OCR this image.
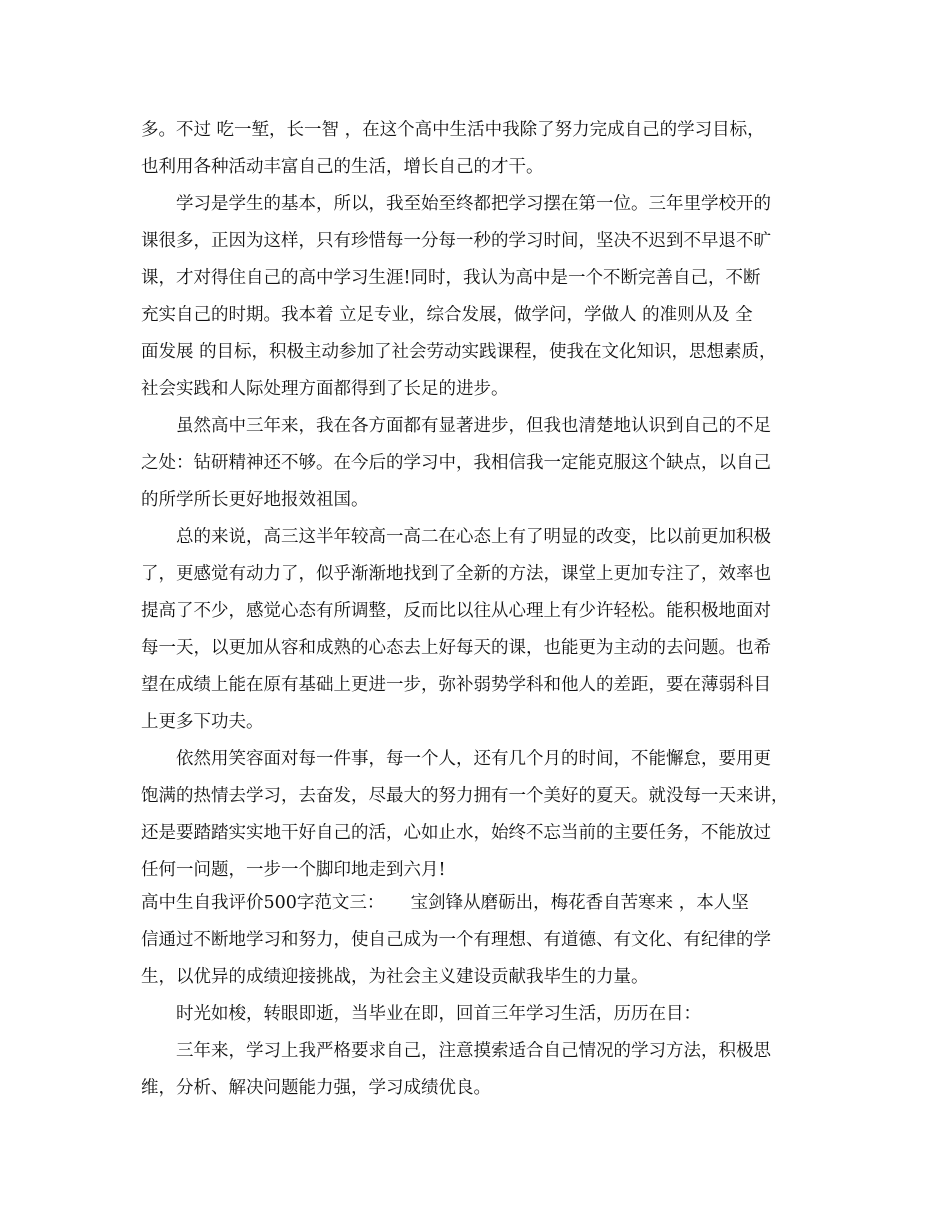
多。不过 吃一堑，长一智 ，在这个高中生活中我除了努力完成自己的学习目标，
也利用各种活动丰富自己的生活，增长自己的才干。
学习是学生的基本，所以，我至始至终都把学习摆在第一位。三年里学校开的
课很多，正因为这样，只有珍惜每一分每一秒的学习时间，坚决不迟到不早退不旷
课，才对得住自己的高中学习生涯!同时，我认为高中是一个不断完善自己，不断
充实自己的时期。我本着 立足专业，综合发展，做学问，学做人 的准则从及 全
面发展 的目标，积极主动参加了社会劳动实践课程，使我在文化知识，思想素质，
社会实践和人际处理方面都得到了长足的进步。
虽然高中三年来，我在各方面都有显著进步，但我也清楚地认识到自己的不足
之处：钻研精神还不够。在今后的学习中，我相信我一定能克服这个缺点，以自己
的所学所长更好地报效祖国。
总的来说，高三这半年较高一高二在心态上有了明显的改变，比以前更加积极
了，更感觉有动力了，似乎渐渐地找到了全新的方法，课堂上更加专注了，效率也
提高了不少，感觉心态有所调整，反而比以往从心理上有少许轻松。能积极地面对
每一天，以更加从容和成熟的心态去上好每天的课，也能更为主动的去问题。也希
望在成绩上能在原有基础上更进一步，弥补弱势学科和他人的差距，要在薄弱科目
上更多下功夫。
依然用笑容面对每一件事，每一个人，还有几个月的时间，不能懈怠，要用更
饱满的热情去学习，去奋发，尽最大的努力拥有一个美好的夏天。就没每一天来讲，
还是要踏踏实实地干好自己的活，心如止水，始终不忘当前的主要任务，不能放过
任何一问题，一步一个脚印地走到六月!
高中生自我评价500字范文三：　　宝剑锋从磨砺出，梅花香自苦寒来 ，本人坚
信通过不断地学习和努力，使自己成为一个有理想、有道德、有文化、有纪律的学
生，以优异的成绩迎接挑战，为社会主义建设贡献我毕生的力量。
时光如梭，转眼即逝，当毕业在即，回首三年学习生活，历历在目：
三年来，学习上我严格要求自己，注意摸索适合自己情况的学习方法，积极思
维，分析、解决问题能力强，学习成绩优良。
